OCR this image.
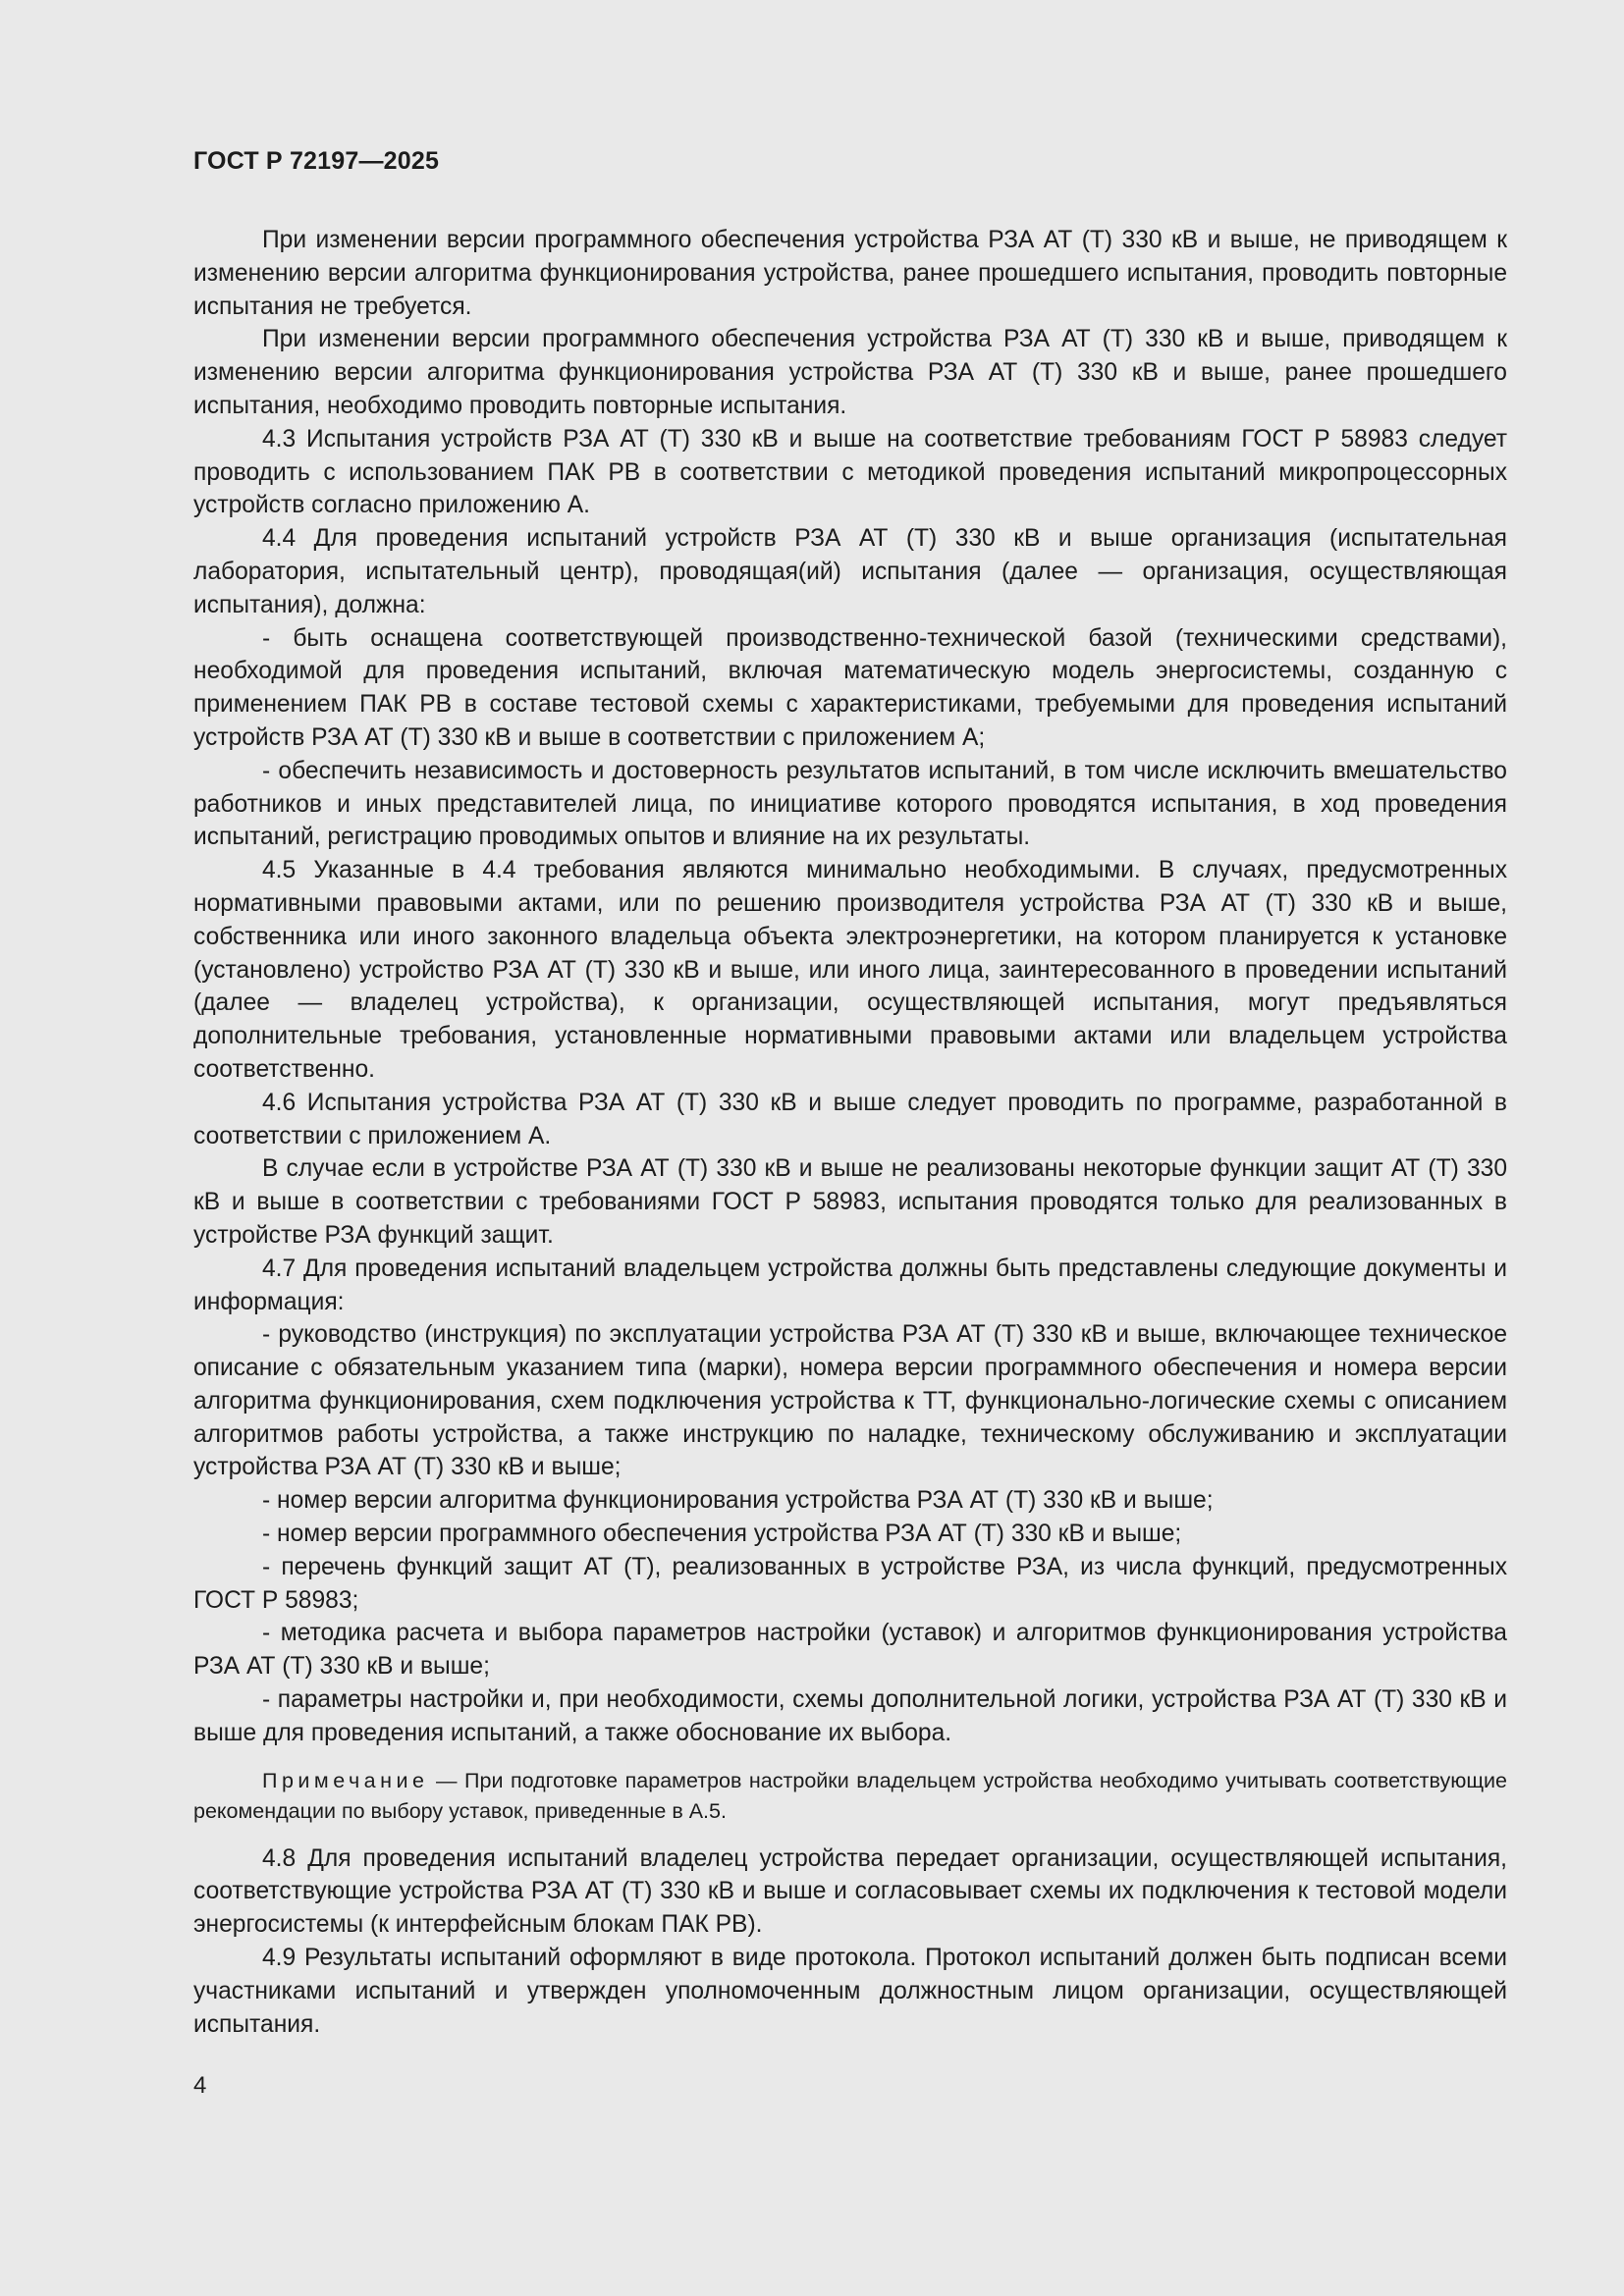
ГОСТ Р 72197—2025

При изменении версии программного обеспечения устройства РЗА АТ (Т) 330 кВ и выше, не приводящем к изменению версии алгоритма функционирования устройства, ранее прошедшего испытания, проводить повторные испытания не требуется.

При изменении версии программного обеспечения устройства РЗА АТ (Т) 330 кВ и выше, приводящем к изменению версии алгоритма функционирования устройства РЗА АТ (Т) 330 кВ и выше, ранее прошедшего испытания, необходимо проводить повторные испытания.

4.3 Испытания устройств РЗА АТ (Т) 330 кВ и выше на соответствие требованиям ГОСТ Р 58983 следует проводить с использованием ПАК РВ в соответствии с методикой проведения испытаний микропроцессорных устройств согласно приложению А.

4.4 Для проведения испытаний устройств РЗА АТ (Т) 330 кВ и выше организация (испытательная лаборатория, испытательный центр), проводящая(ий) испытания (далее — организация, осуществляющая испытания), должна:

- быть оснащена соответствующей производственно-технической базой (техническими средствами), необходимой для проведения испытаний, включая математическую модель энергосистемы, созданную с применением ПАК РВ в составе тестовой схемы с характеристиками, требуемыми для проведения испытаний устройств РЗА АТ (Т) 330 кВ и выше в соответствии с приложением А;

- обеспечить независимость и достоверность результатов испытаний, в том числе исключить вмешательство работников и иных представителей лица, по инициативе которого проводятся испытания, в ход проведения испытаний, регистрацию проводимых опытов и влияние на их результаты.

4.5 Указанные в 4.4 требования являются минимально необходимыми. В случаях, предусмотренных нормативными правовыми актами, или по решению производителя устройства РЗА АТ (Т) 330 кВ и выше, собственника или иного законного владельца объекта электроэнергетики, на котором планируется к установке (установлено) устройство РЗА АТ (Т) 330 кВ и выше, или иного лица, заинтересованного в проведении испытаний (далее — владелец устройства), к организации, осуществляющей испытания, могут предъявляться дополнительные требования, установленные нормативными правовыми актами или владельцем устройства соответственно.

4.6 Испытания устройства РЗА АТ (Т) 330 кВ и выше следует проводить по программе, разработанной в соответствии с приложением А.

В случае если в устройстве РЗА АТ (Т) 330 кВ и выше не реализованы некоторые функции защит АТ (Т) 330 кВ и выше в соответствии с требованиями ГОСТ Р 58983, испытания проводятся только для реализованных в устройстве РЗА функций защит.

4.7 Для проведения испытаний владельцем устройства должны быть представлены следующие документы и информация:

- руководство (инструкция) по эксплуатации устройства РЗА АТ (Т) 330 кВ и выше, включающее техническое описание с обязательным указанием типа (марки), номера версии программного обеспечения и номера версии алгоритма функционирования, схем подключения устройства к ТТ, функционально-логические схемы с описанием алгоритмов работы устройства, а также инструкцию по наладке, техническому обслуживанию и эксплуатации устройства РЗА АТ (Т) 330 кВ и выше;

- номер версии алгоритма функционирования устройства РЗА АТ (Т) 330 кВ и выше;

- номер версии программного обеспечения устройства РЗА АТ (Т) 330 кВ и выше;

- перечень функций защит АТ (Т), реализованных в устройстве РЗА, из числа функций, предусмотренных ГОСТ Р 58983;

- методика расчета и выбора параметров настройки (уставок) и алгоритмов функционирования устройства РЗА АТ (Т) 330 кВ и выше;

- параметры настройки и, при необходимости, схемы дополнительной логики, устройства РЗА АТ (Т) 330 кВ и выше для проведения испытаний, а также обоснование их выбора.

Примечание — При подготовке параметров настройки владельцем устройства необходимо учитывать соответствующие рекомендации по выбору уставок, приведенные в А.5.

4.8 Для проведения испытаний владелец устройства передает организации, осуществляющей испытания, соответствующие устройства РЗА АТ (Т) 330 кВ и выше и согласовывает схемы их подключения к тестовой модели энергосистемы (к интерфейсным блокам ПАК РВ).

4.9 Результаты испытаний оформляют в виде протокола. Протокол испытаний должен быть подписан всеми участниками испытаний и утвержден уполномоченным должностным лицом организации, осуществляющей испытания.

4
